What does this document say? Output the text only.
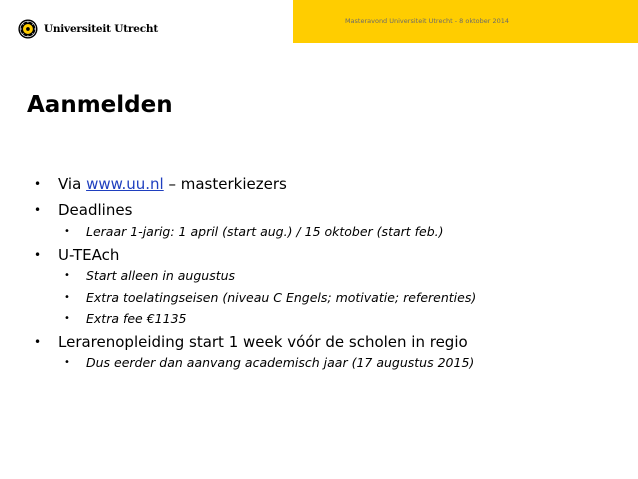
Universiteit Utrecht
Masteravond Universiteit Utrecht - 8 oktober 2014
Aanmelden
• Via www.uu.nl – masterkiezers
• Deadlines
• Leraar 1-jarig: 1 april (start aug.) / 15 oktober (start feb.)
• U-TEAch
• Start alleen in augustus
• Extra toelatingseisen (niveau C Engels; motivatie; referenties)
• Extra fee €1135
• Lerarenopleiding start 1 week vóór de scholen in regio
• Dus eerder dan aanvang academisch jaar (17 augustus 2015)
